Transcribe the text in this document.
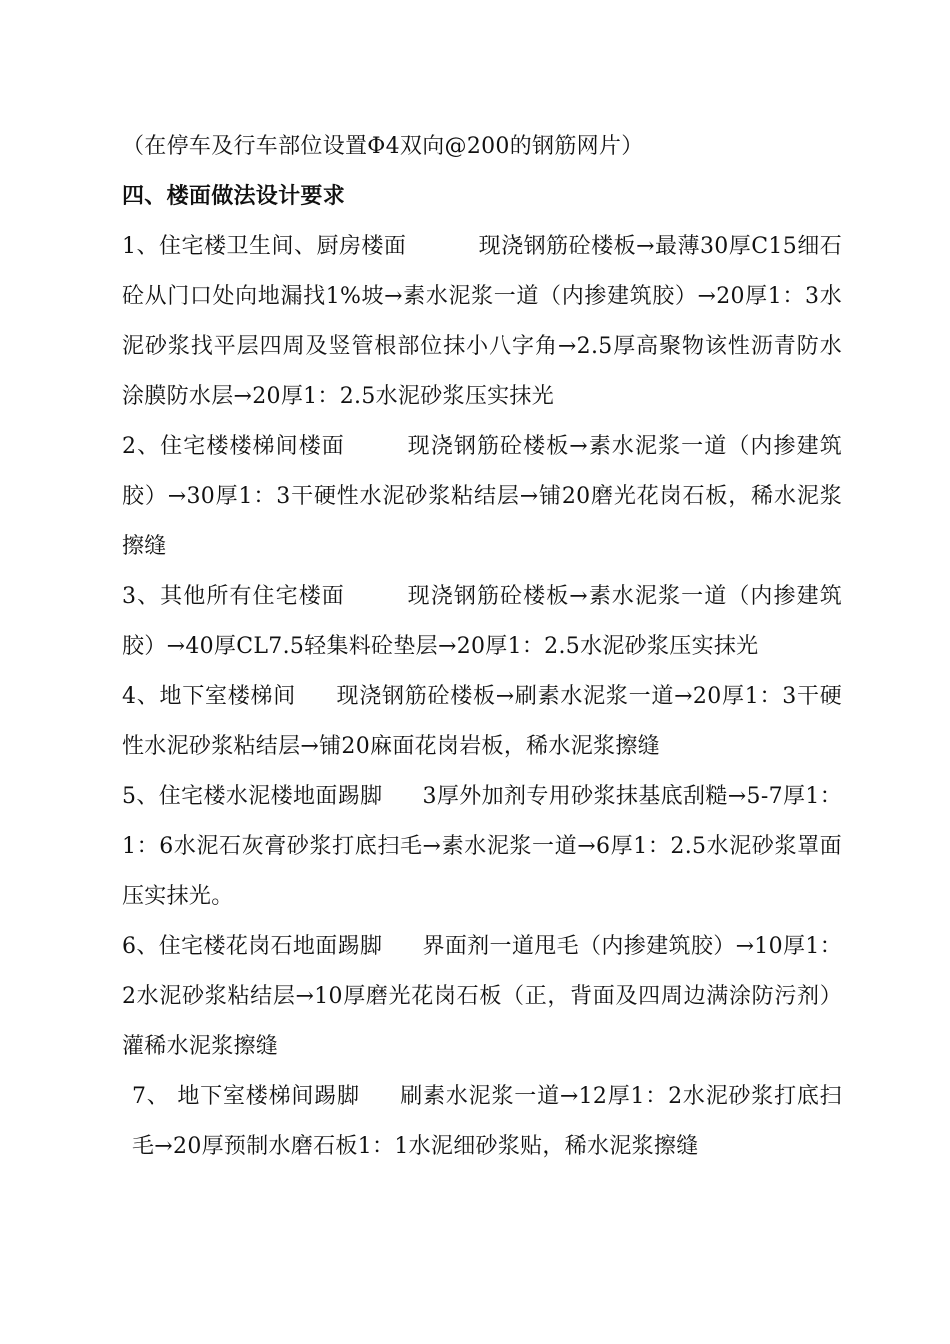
（在停车及行车部位设置Φ4双向@200的钢筋网片）

四、楼面做法设计要求

1、住宅楼卫生间、厨房楼面	现浇钢筋砼楼板→最薄30厚C15细石砼从门口处向地漏找1%坡→素水泥浆一道（内掺建筑胶）→20厚1：3水泥砂浆找平层四周及竖管根部位抹小八字角→2.5厚高聚物该性沥青防水涂膜防水层→20厚1：2.5水泥砂浆压实抹光

2、住宅楼楼梯间楼面	现浇钢筋砼楼板→素水泥浆一道（内掺建筑胶）→30厚1：3干硬性水泥砂浆粘结层→铺20磨光花岗石板，稀水泥浆擦缝

3、其他所有住宅楼面	现浇钢筋砼楼板→素水泥浆一道（内掺建筑胶）→40厚CL7.5轻集料砼垫层→20厚1：2.5水泥砂浆压实抹光

4、地下室楼梯间 现浇钢筋砼楼板→刷素水泥浆一道→20厚1：3干硬性水泥砂浆粘结层→铺20麻面花岗岩板，稀水泥浆擦缝

5、住宅楼水泥楼地面踢脚 3厚外加剂专用砂浆抹基底刮糙→5-7厚1：1：6水泥石灰膏砂浆打底扫毛→素水泥浆一道→6厚1：2.5水泥砂浆罩面压实抹光。

6、住宅楼花岗石地面踢脚 界面剂一道甩毛（内掺建筑胶）→10厚1：2水泥砂浆粘结层→10厚磨光花岗石板（正，背面及四周边满涂防污剂）灌稀水泥浆擦缝

7、 地下室楼梯间踢脚 刷素水泥浆一道→12厚1：2水泥砂浆打底扫毛→20厚预制水磨石板1：1水泥细砂浆贴，稀水泥浆擦缝
